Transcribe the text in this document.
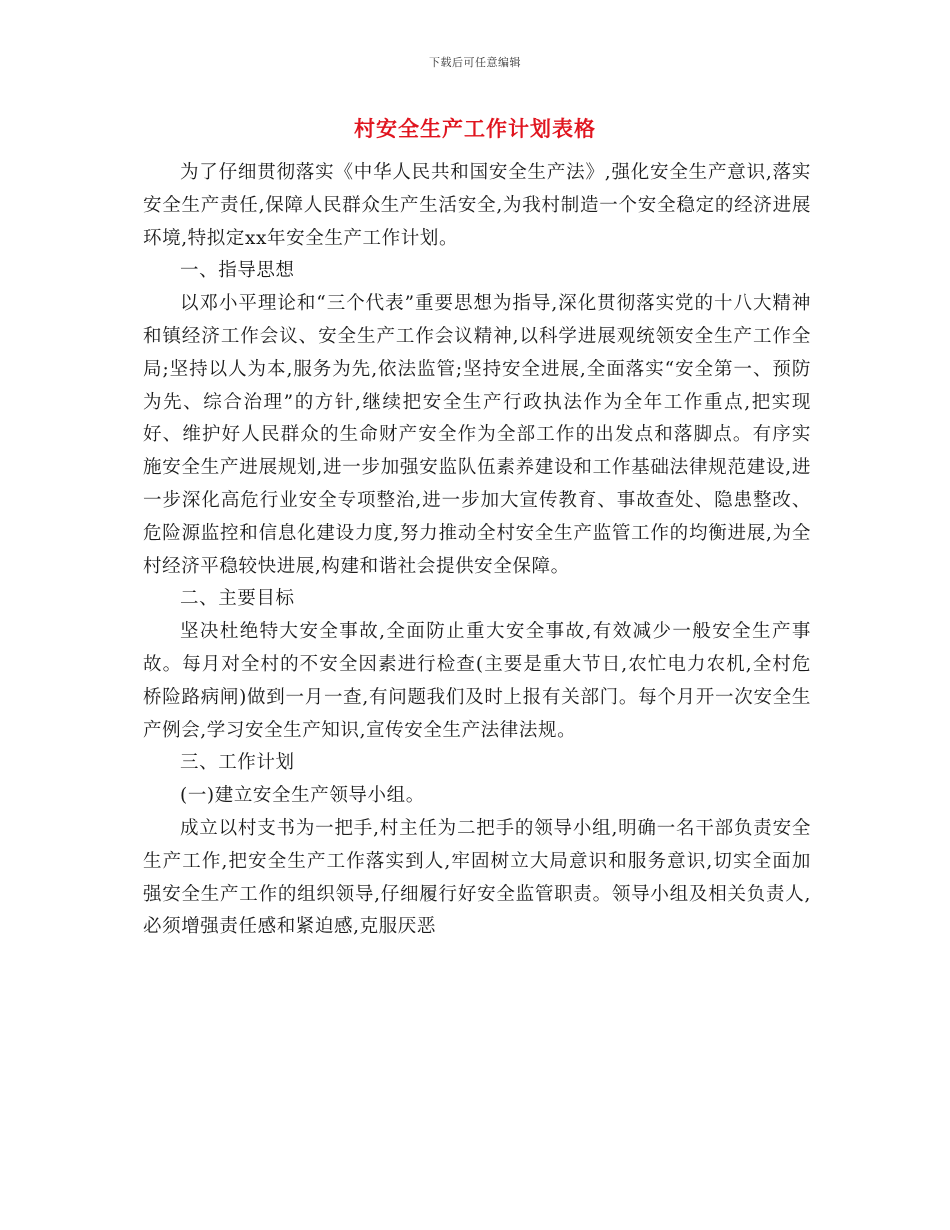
下载后可任意编辑
村安全生产工作计划表格

为了仔细贯彻落实《中华人民共和国安全生产法》,强化安全生产意识,落实安全生产责任,保障人民群众生产生活安全,为我村制造一个安全稳定的经济进展环境,特拟定xx年安全生产工作计划。

一、指导思想

以邓小平理论和“三个代表”重要思想为指导,深化贯彻落实党的十八大精神和镇经济工作会议、安全生产工作会议精神,以科学进展观统领安全生产工作全局;坚持以人为本,服务为先,依法监管;坚持安全进展,全面落实“安全第一、预防为先、综合治理”的方针,继续把安全生产行政执法作为全年工作重点,把实现好、维护好人民群众的生命财产安全作为全部工作的出发点和落脚点。有序实施安全生产进展规划,进一步加强安监队伍素养建设和工作基础法律规范建设,进一步深化高危行业安全专项整治,进一步加大宣传教育、事故查处、隐患整改、危险源监控和信息化建设力度,努力推动全村安全生产监管工作的均衡进展,为全村经济平稳较快进展,构建和谐社会提供安全保障。

二、主要目标

坚决杜绝特大安全事故,全面防止重大安全事故,有效减少一般安全生产事故。每月对全村的不安全因素进行检查(主要是重大节日,农忙电力农机,全村危桥险路病闸)做到一月一查,有问题我们及时上报有关部门。每个月开一次安全生产例会,学习安全生产知识,宣传安全生产法律法规。

三、工作计划

(一)建立安全生产领导小组。

成立以村支书为一把手,村主任为二把手的领导小组,明确一名干部负责安全生产工作,把安全生产工作落实到人,牢固树立大局意识和服务意识,切实全面加强安全生产工作的组织领导,仔细履行好安全监管职责。领导小组及相关负责人,必须增强责任感和紧迫感,克服厌恶
